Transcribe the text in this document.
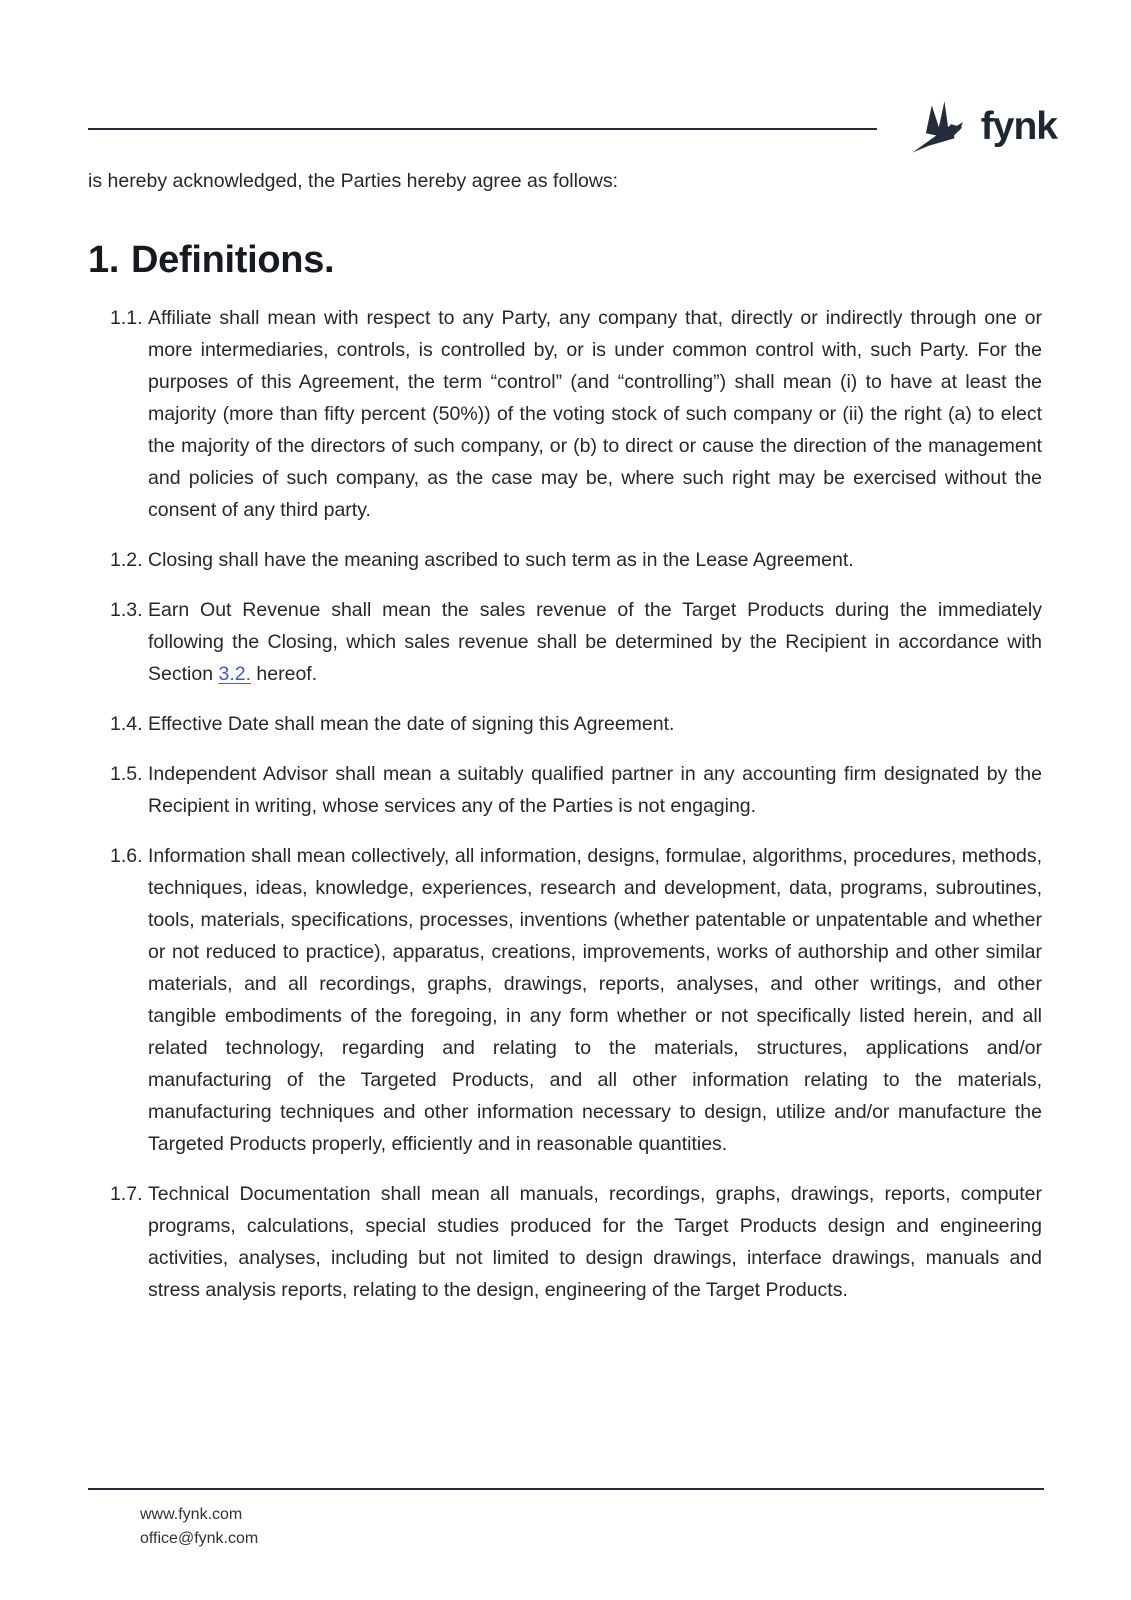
fynk

is hereby acknowledged, the Parties hereby agree as follows:

1. Definitions.
1.1. Affiliate shall mean with respect to any Party, any company that, directly or indirectly through one or more intermediaries, controls, is controlled by, or is under common control with, such Party. For the purposes of this Agreement, the term “control” (and “controlling”) shall mean (i) to have at least the majority (more than fifty percent (50%)) of the voting stock of such company or (ii) the right (a) to elect the majority of the directors of such company, or (b) to direct or cause the direction of the management and policies of such company, as the case may be, where such right may be exercised without the consent of any third party.

1.2. Closing shall have the meaning ascribed to such term as in the Lease Agreement.

1.3. Earn Out Revenue shall mean the sales revenue of the Target Products during the immediately following the Closing, which sales revenue shall be determined by the Recipient in accordance with Section 3.2. hereof.

1.4. Effective Date shall mean the date of signing this Agreement.

1.5. Independent Advisor shall mean a suitably qualified partner in any accounting firm designated by the Recipient in writing, whose services any of the Parties is not engaging.

1.6. Information shall mean collectively, all information, designs, formulae, algorithms, procedures, methods, techniques, ideas, knowledge, experiences, research and development, data, programs, subroutines, tools, materials, specifications, processes, inventions (whether patentable or unpatentable and whether or not reduced to practice), apparatus, creations, improvements, works of authorship and other similar materials, and all recordings, graphs, drawings, reports, analyses, and other writings, and other tangible embodiments of the foregoing, in any form whether or not specifically listed herein, and all related technology, regarding and relating to the materials, structures, applications and/or manufacturing of the Targeted Products, and all other information relating to the materials, manufacturing techniques and other information necessary to design, utilize and/or manufacture the Targeted Products properly, efficiently and in reasonable quantities.

1.7. Technical Documentation shall mean all manuals, recordings, graphs, drawings, reports, computer programs, calculations, special studies produced for the Target Products design and engineering activities, analyses, including but not limited to design drawings, interface drawings, manuals and stress analysis reports, relating to the design, engineering of the Target Products.

www.fynk.com
office@fynk.com
